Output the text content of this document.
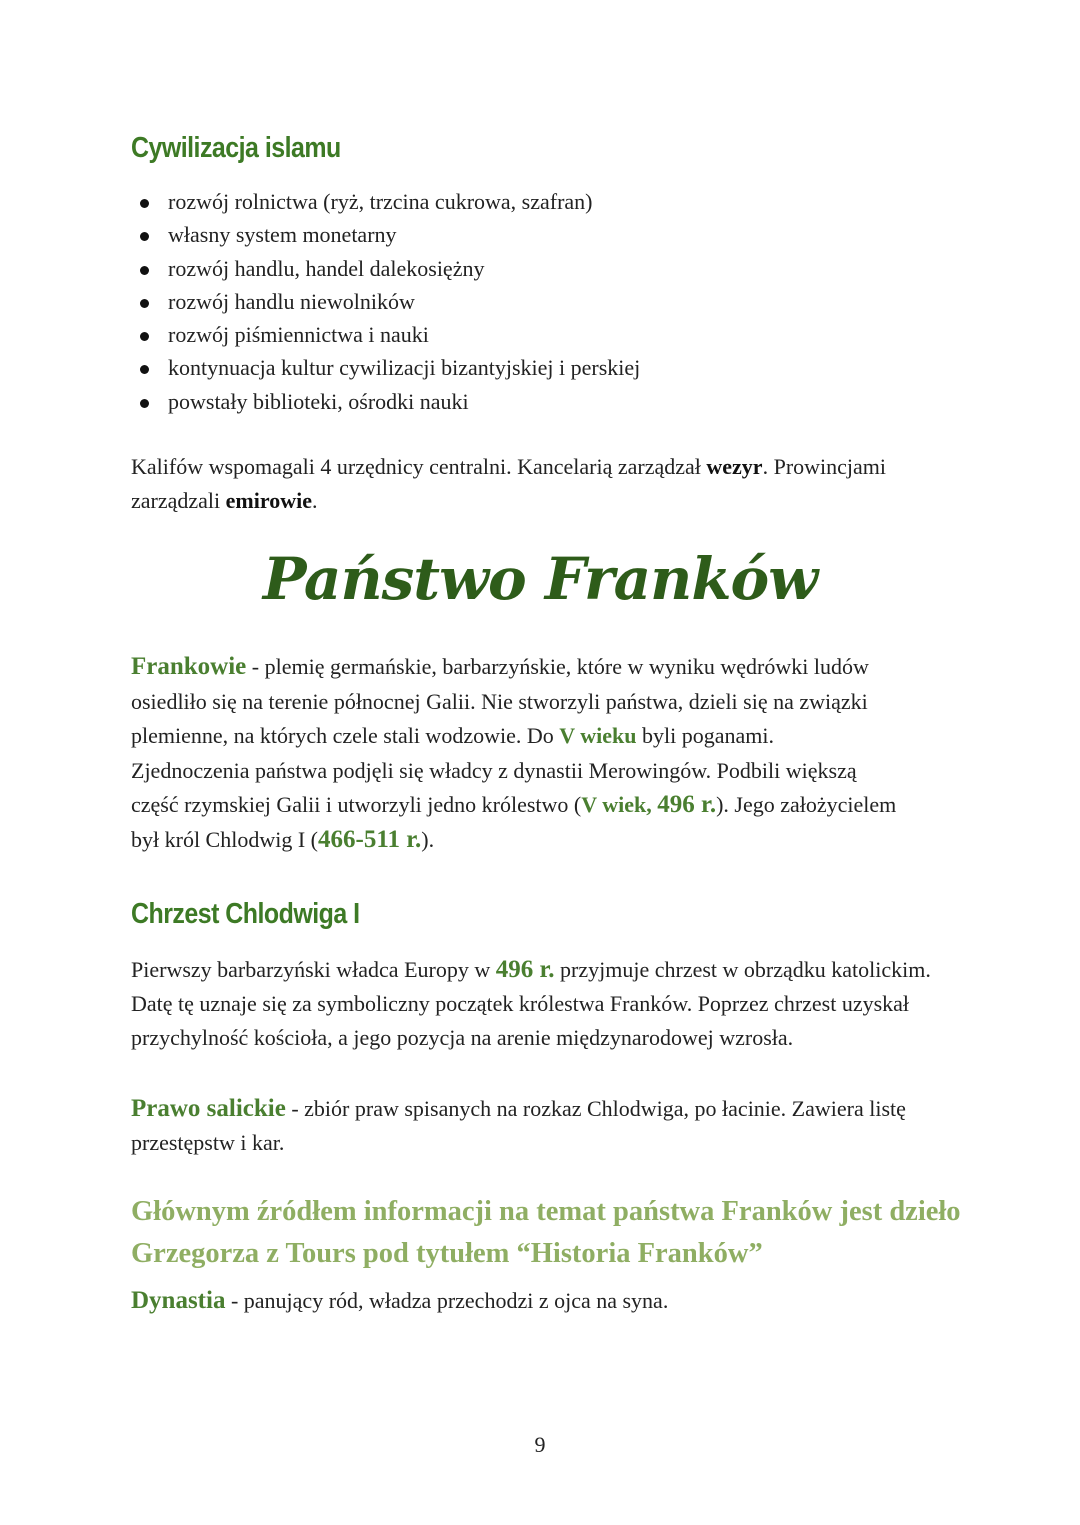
Cywilizacja islamu
rozwój rolnictwa (ryż, trzcina cukrowa, szafran)
własny system monetarny
rozwój handlu, handel dalekosiężny
rozwój handlu niewolników
rozwój piśmiennictwa i nauki
kontynuacja kultur cywilizacji bizantyjskiej i perskiej
powstały biblioteki, ośrodki nauki

Kalifów wspomagali 4 urzędnicy centralni. Kancelarią zarządzał wezyr. Prowincjami zarządzali emirowie.

Państwo Franków

Frankowie - plemię germańskie, barbarzyńskie, które w wyniku wędrówki ludów
osiedliło się na terenie północnej Galii. Nie stworzyli państwa, dzieli się na związki
plemienne, na których czele stali wodzowie. Do V wieku byli poganami.
Zjednoczenia państwa podjęli się władcy z dynastii Merowingów. Podbili większą
część rzymskiej Galii i utworzyli jedno królestwo (V wiek, 496 r.). Jego założycielem
był król Chlodwig I (466-511 r.).

Chrzest Chlodwiga I

Pierwszy barbarzyński władca Europy w 496 r. przyjmuje chrzest w obrządku katolickim. Datę tę uznaje się za symboliczny początek królestwa Franków. Poprzez chrzest uzyskał przychylność kościoła, a jego pozycja na arenie międzynarodowej wzrosła.

Prawo salickie - zbiór praw spisanych na rozkaz Chlodwiga, po łacinie. Zawiera listę przestępstw i kar.

Głównym źródłem informacji na temat państwa Franków jest dzieło Grzegorza z Tours pod tytułem “Historia Franków”

Dynastia - panujący ród, władza przechodzi z ojca na syna.

9
